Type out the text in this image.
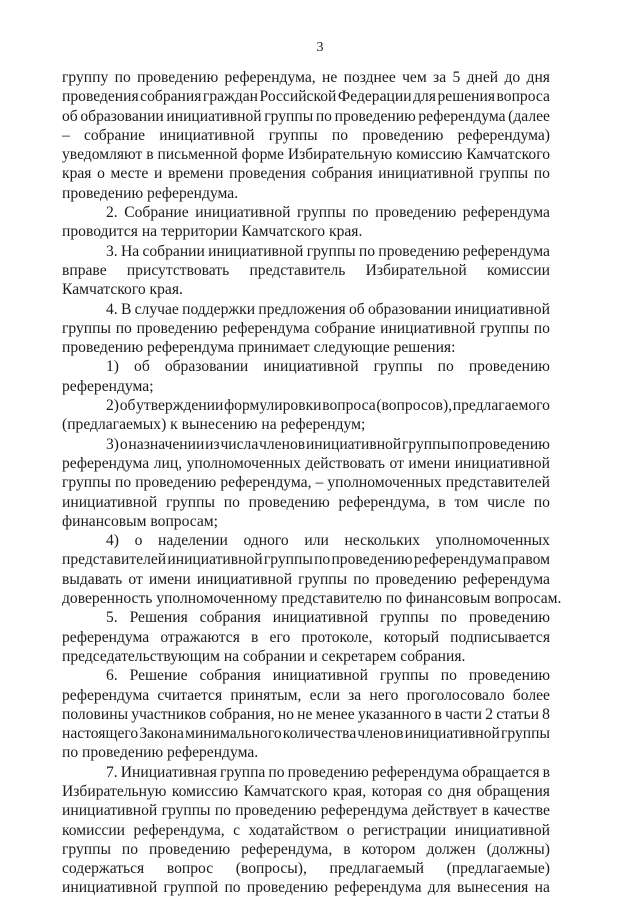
3
группу по проведению референдума, не позднее чем за 5 дней до дня
проведения собрания граждан Российской Федерации для решения вопроса
об образовании инициативной группы по проведению референдума (далее
– собрание инициативной группы по проведению референдума)
уведомляют в письменной форме Избирательную комиссию Камчатского
края о месте и времени проведения собрания инициативной группы по
проведению референдума.
2. Собрание инициативной группы по проведению референдума
проводится на территории Камчатского края.
3. На собрании инициативной группы по проведению референдума
вправе присутствовать представитель Избирательной комиссии
Камчатского края.
4. В случае поддержки предложения об образовании инициативной
группы по проведению референдума собрание инициативной группы по
проведению референдума принимает следующие решения:
1) об образовании инициативной группы по проведению
референдума;
2) об утверждении формулировки вопроса (вопросов), предлагаемого
(предлагаемых) к вынесению на референдум;
3) о назначении из числа членов инициативной группы по проведению
референдума лиц, уполномоченных действовать от имени инициативной
группы по проведению референдума, – уполномоченных представителей
инициативной группы по проведению референдума, в том числе по
финансовым вопросам;
4) о наделении одного или нескольких уполномоченных
представителей инициативной группы по проведению референдума правом
выдавать от имени инициативной группы по проведению референдума
доверенность уполномоченному представителю по финансовым вопросам.
5. Решения собрания инициативной группы по проведению
референдума отражаются в его протоколе, который подписывается
председательствующим на собрании и секретарем собрания.
6. Решение собрания инициативной группы по проведению
референдума считается принятым, если за него проголосовало более
половины участников собрания, но не менее указанного в части 2 статьи 8
настоящего Закона минимального количества членов инициативной группы
по проведению референдума.
7. Инициативная группа по проведению референдума обращается в
Избирательную комиссию Камчатского края, которая со дня обращения
инициативной группы по проведению референдума действует в качестве
комиссии референдума, с ходатайством о регистрации инициативной
группы по проведению референдума, в котором должен (должны)
содержаться вопрос (вопросы), предлагаемый (предлагаемые)
инициативной группой по проведению референдума для вынесения на
